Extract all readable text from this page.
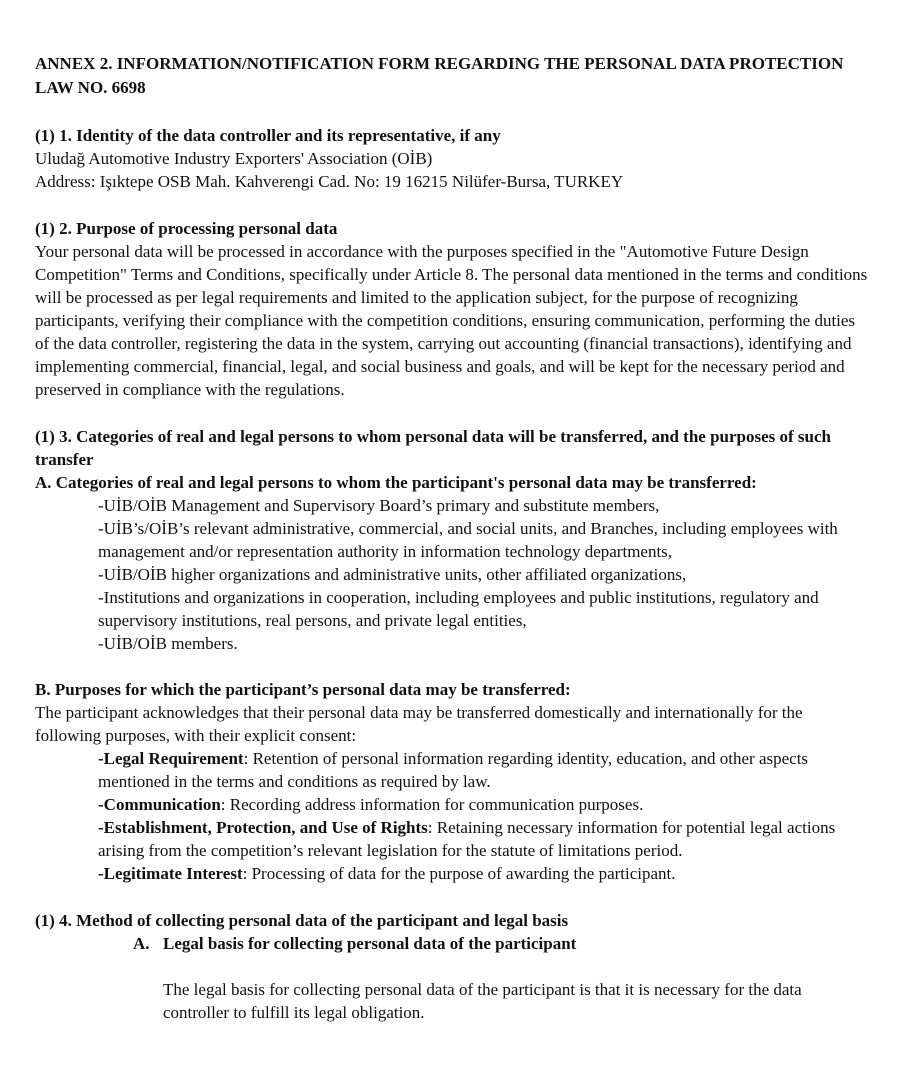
ANNEX 2. INFORMATION/NOTIFICATION FORM REGARDING THE PERSONAL DATA PROTECTION LAW NO. 6698

(1) 1. Identity of the data controller and its representative, if any

Uludağ Automotive Industry Exporters' Association (OİB)

Address: Işıktepe OSB Mah. Kahverengi Cad. No: 19 16215 Nilüfer-Bursa, TURKEY

(1) 2. Purpose of processing personal data

Your personal data will be processed in accordance with the purposes specified in the "Automotive Future Design Competition" Terms and Conditions, specifically under Article 8. The personal data mentioned in the terms and conditions will be processed as per legal requirements and limited to the application subject, for the purpose of recognizing participants, verifying their compliance with the competition conditions, ensuring communication, performing the duties of the data controller, registering the data in the system, carrying out accounting (financial transactions), identifying and implementing commercial, financial, legal, and social business and goals, and will be kept for the necessary period and preserved in compliance with the regulations.

(1) 3. Categories of real and legal persons to whom personal data will be transferred, and the purposes of such transfer

A. Categories of real and legal persons to whom the participant's personal data may be transferred:

-UİB/OİB Management and Supervisory Board’s primary and substitute members,

-UİB’s/OİB’s relevant administrative, commercial, and social units, and Branches, including employees with management and/or representation authority in information technology departments,

-UİB/OİB higher organizations and administrative units, other affiliated organizations,

-Institutions and organizations in cooperation, including employees and public institutions, regulatory and supervisory institutions, real persons, and private legal entities,

-UİB/OİB members.

B. Purposes for which the participant’s personal data may be transferred:

The participant acknowledges that their personal data may be transferred domestically and internationally for the following purposes, with their explicit consent:

-Legal Requirement: Retention of personal information regarding identity, education, and other aspects mentioned in the terms and conditions as required by law.

-Communication: Recording address information for communication purposes.

-Establishment, Protection, and Use of Rights: Retaining necessary information for potential legal actions arising from the competition’s relevant legislation for the statute of limitations period.

-Legitimate Interest: Processing of data for the purpose of awarding the participant.

(1) 4. Method of collecting personal data of the participant and legal basis

A. Legal basis for collecting personal data of the participant

The legal basis for collecting personal data of the participant is that it is necessary for the data controller to fulfill its legal obligation.
